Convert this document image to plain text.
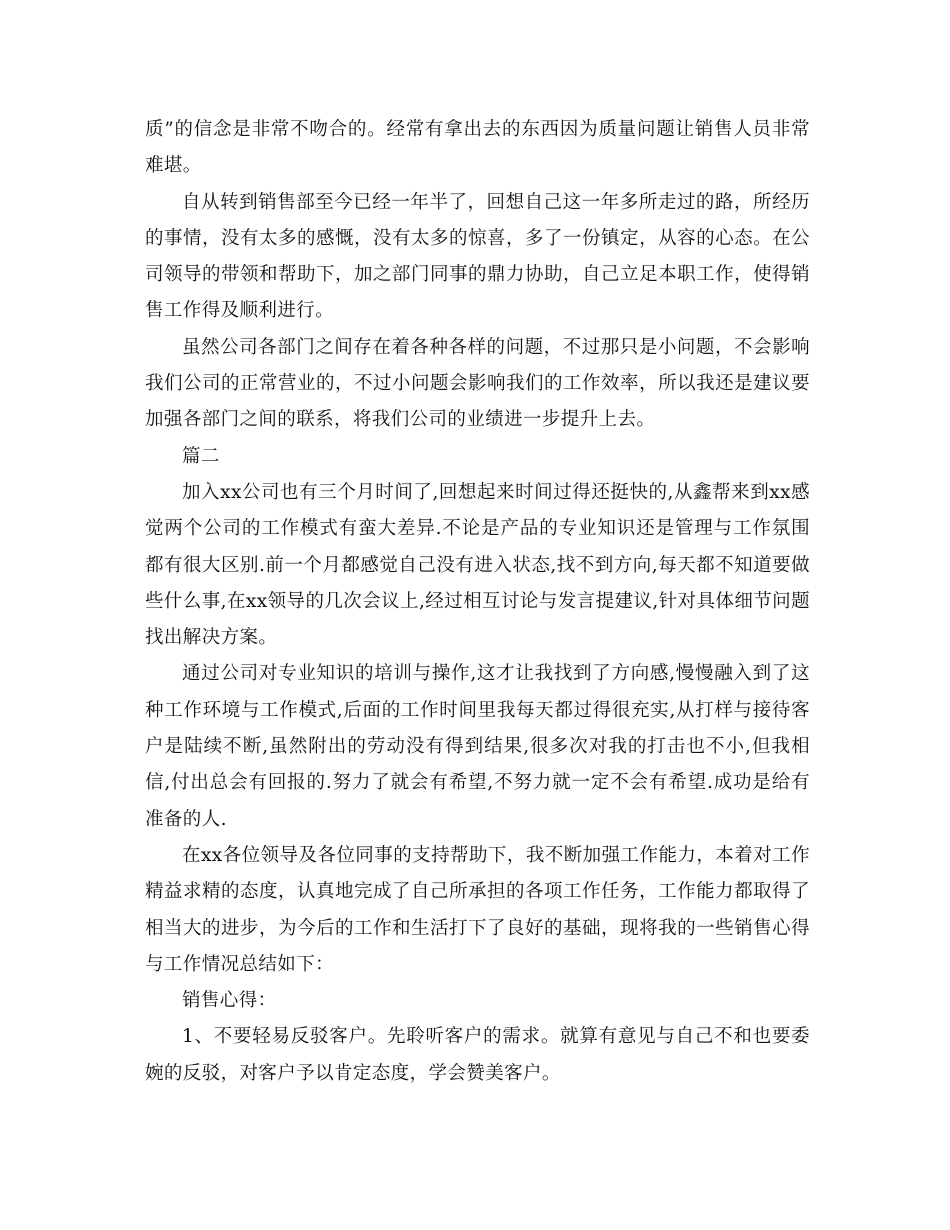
质”的信念是非常不吻合的。经常有拿出去的东西因为质量问题让销售人员非常难堪。

自从转到销售部至今已经一年半了，回想自己这一年多所走过的路，所经历的事情，没有太多的感慨，没有太多的惊喜，多了一份镇定，从容的心态。在公司领导的带领和帮助下，加之部门同事的鼎力协助，自己立足本职工作，使得销售工作得及顺利进行。

虽然公司各部门之间存在着各种各样的问题，不过那只是小问题，不会影响我们公司的正常营业的，不过小问题会影响我们的工作效率，所以我还是建议要加强各部门之间的联系，将我们公司的业绩进一步提升上去。

篇二

加入xx公司也有三个月时间了,回想起来时间过得还挺快的,从鑫帮来到xx感觉两个公司的工作模式有蛮大差异.不论是产品的专业知识还是管理与工作氛围都有很大区别.前一个月都感觉自己没有进入状态,找不到方向,每天都不知道要做些什么事,在xx领导的几次会议上,经过相互讨论与发言提建议,针对具体细节问题找出解决方案。

通过公司对专业知识的培训与操作,这才让我找到了方向感,慢慢融入到了这种工作环境与工作模式,后面的工作时间里我每天都过得很充实,从打样与接待客户是陆续不断,虽然附出的劳动没有得到结果,很多次对我的打击也不小,但我相信,付出总会有回报的.努力了就会有希望,不努力就一定不会有希望.成功是给有准备的人.

在xx各位领导及各位同事的支持帮助下，我不断加强工作能力，本着对工作精益求精的态度，认真地完成了自己所承担的各项工作任务，工作能力都取得了相当大的进步，为今后的工作和生活打下了良好的基础，现将我的一些销售心得与工作情况总结如下：

销售心得：

1、不要轻易反驳客户。先聆听客户的需求。就算有意见与自己不和也要委婉的反驳，对客户予以肯定态度，学会赞美客户。
